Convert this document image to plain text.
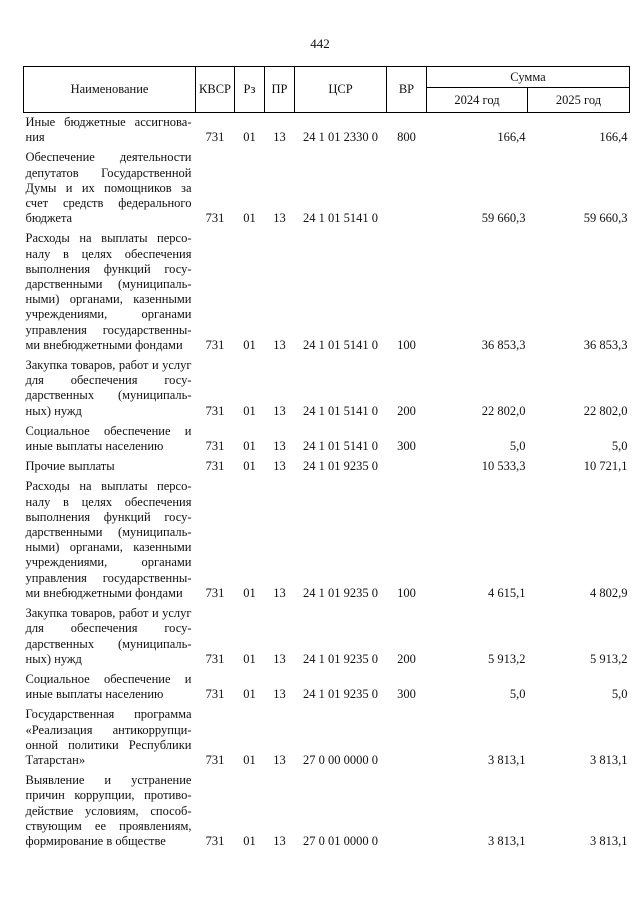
442
Наименование	КВСР	Рз	ПР	ЦСР	ВР	Сумма	
						2024 год	2025 год
Иные бюджетные ассигнова-ния	731	01	13	24 1 01 2330 0	800	166,4	166,4
Обеспечение деятельности депутатов Государственной Думы и их помощников за счет средств федерального бюджета	731	01	13	24 1 01 5141 0		59 660,3	59 660,3
Расходы на выплаты персо-налу в целях обеспечения выполнения функций госу-дарственными (муниципаль-ными) органами, казенными учреждениями, органами управления государственны-ми внебюджетными фондами	731	01	13	24 1 01 5141 0	100	36 853,3	36 853,3
Закупка товаров, работ и услуг для обеспечения госу-дарственных (муниципаль-ных) нужд	731	01	13	24 1 01 5141 0	200	22 802,0	22 802,0
Социальное обеспечение и иные выплаты населению	731	01	13	24 1 01 5141 0	300	5,0	5,0
Прочие выплаты	731	01	13	24 1 01 9235 0		10 533,3	10 721,1
Расходы на выплаты персо-налу в целях обеспечения выполнения функций госу-дарственными (муниципаль-ными) органами, казенными учреждениями, органами управления государственны-ми внебюджетными фондами	731	01	13	24 1 01 9235 0	100	4 615,1	4 802,9
Закупка товаров, работ и услуг для обеспечения госу-дарственных (муниципаль-ных) нужд	731	01	13	24 1 01 9235 0	200	5 913,2	5 913,2
Социальное обеспечение и иные выплаты населению	731	01	13	24 1 01 9235 0	300	5,0	5,0
Государственная программа «Реализация антикоррупци-онной политики Республики Татарстан»	731	01	13	27 0 00 0000 0		3 813,1	3 813,1
Выявление и устранение причин коррупции, противо-действие условиям, способ-ствующим ее проявлениям, формирование в обществе	731	01	13	27 0 01 0000 0		3 813,1	3 813,1
